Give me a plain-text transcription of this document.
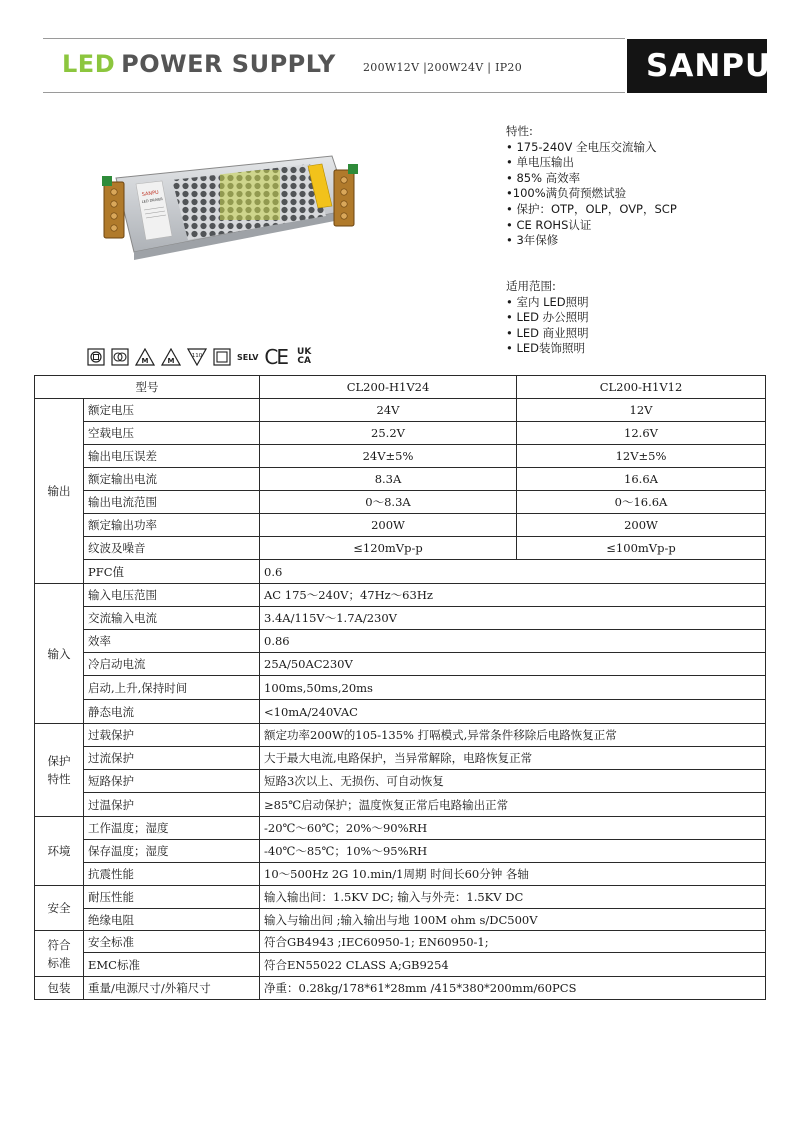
LED POWER SUPPLY 200W12V |200W24V | IP20	SANPU
SANPU
LED DRIVER
特性:
• 175-240V 全电压交流输入
• 单电压输出
• 85% 高效率
•100%满负荷预燃试验
• 保护：OTP，OLP，OVP，SCP
• CE ROHS认证
• 3年保修
适用范围:
• 室内 LED照明
• LED 办公照明
• LED 商业照明
• LED装饰照明
M	M
110	SELV CE UK
CA
型号		CL200-H1V24	CL200-H1V12
输出	额定电压	24V	12V
	空载电压	25.2V	12.6V
	输出电压误差	24V±5%	12V±5%
	额定输出电流	8.3A	16.6A
	输出电流范围	0～8.3A	0～16.6A
	额定输出功率	200W	200W
	纹波及噪音	≤120mVp-p	≤100mVp-p
	PFC值	0.6	
输入	输入电压范围	AC 175～240V；47Hz～63Hz	
	交流输入电流	3.4A/115V～1.7A/230V	
	效率	0.86	
	冷启动电流	25A/50AC230V	
	启动,上升,保持时间	100ms,50ms,20ms	
	静态电流	<10mA/240VAC	
保护
特性	过载保护	额定功率200W的105-135% 打嗝模式,异常条件移除后电路恢复正常	
	过流保护	大于最大电流,电路保护，当异常解除，电路恢复正常	
	短路保护	短路3次以上、无损伤、可自动恢复	
	过温保护	≥85℃启动保护；温度恢复正常后电路输出正常	
环境	工作温度；湿度	-20℃～60℃；20%～90%RH	
	保存温度；湿度	-40℃～85℃；10%～95%RH	
	抗震性能	10～500Hz 2G 10.min/1周期 时间长60分钟 各轴	
安全	耐压性能	输入输出间：1.5KV DC; 输入与外壳：1.5KV DC	
	绝缘电阻	输入与输出间 ;输入输出与地 100M ohm s/DC500V	
符合
标准	安全标准	符合GB4943 ;IEC60950-1; EN60950-1;	
	EMC标准	符合EN55022 CLASS A;GB9254	
包装	重量/电源尺寸/外箱尺寸	净重：0.28kg/178*61*28mm /415*380*200mm/60PCS	
